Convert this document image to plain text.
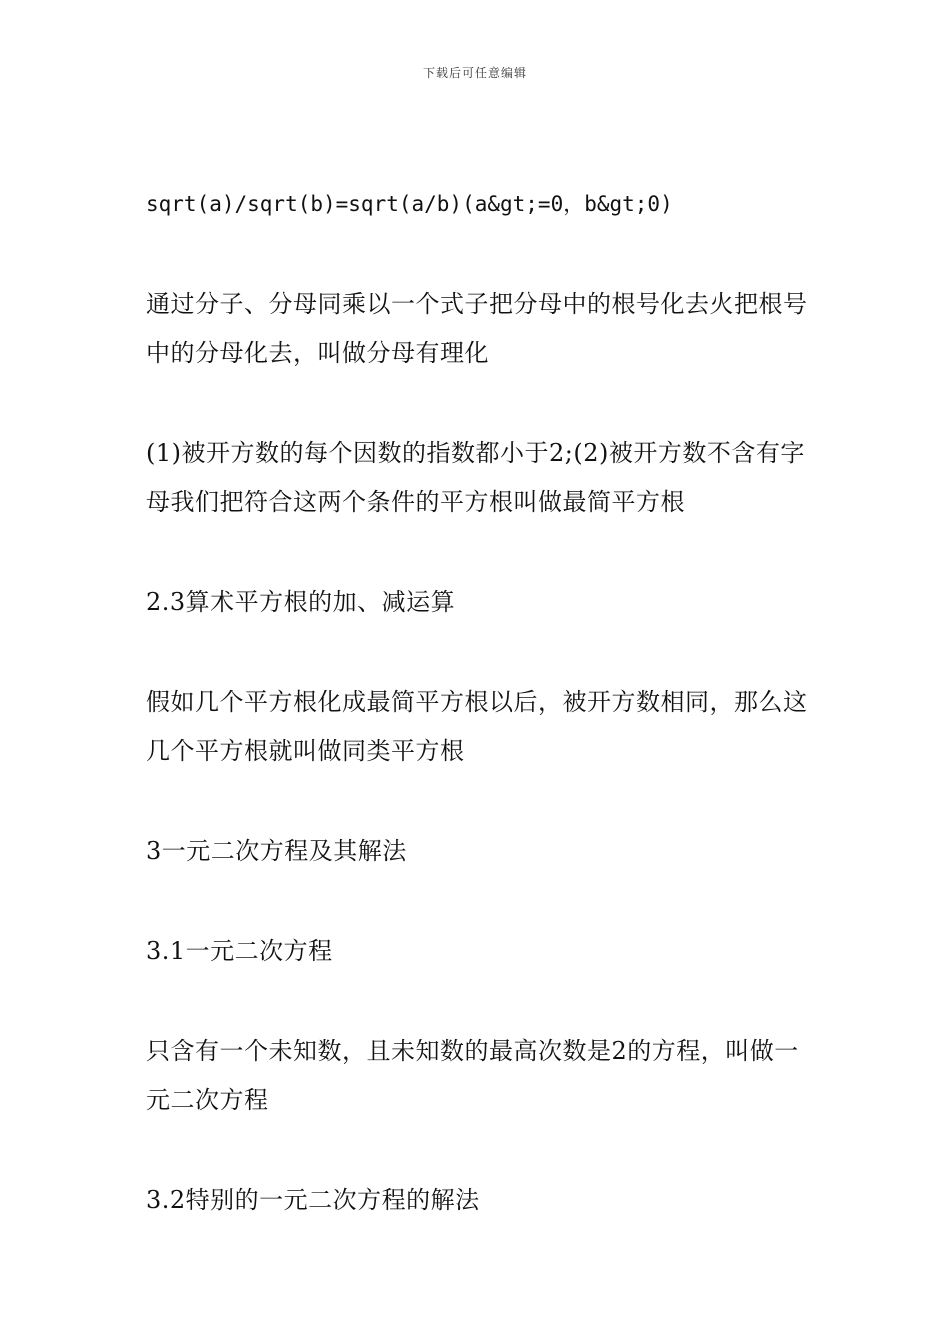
下载后可任意编辑

sqrt(a)/sqrt(b)=sqrt(a/b)(a&gt;=0，b&gt;0)

通过分子、分母同乘以一个式子把分母中的根号化去火把根号中的分母化去，叫做分母有理化

(1)被开方数的每个因数的指数都小于2;(2)被开方数不含有字母我们把符合这两个条件的平方根叫做最简平方根

2.3算术平方根的加、减运算

假如几个平方根化成最简平方根以后，被开方数相同，那么这几个平方根就叫做同类平方根

3一元二次方程及其解法

3.1一元二次方程

只含有一个未知数，且未知数的最高次数是2的方程，叫做一元二次方程

3.2特别的一元二次方程的解法
